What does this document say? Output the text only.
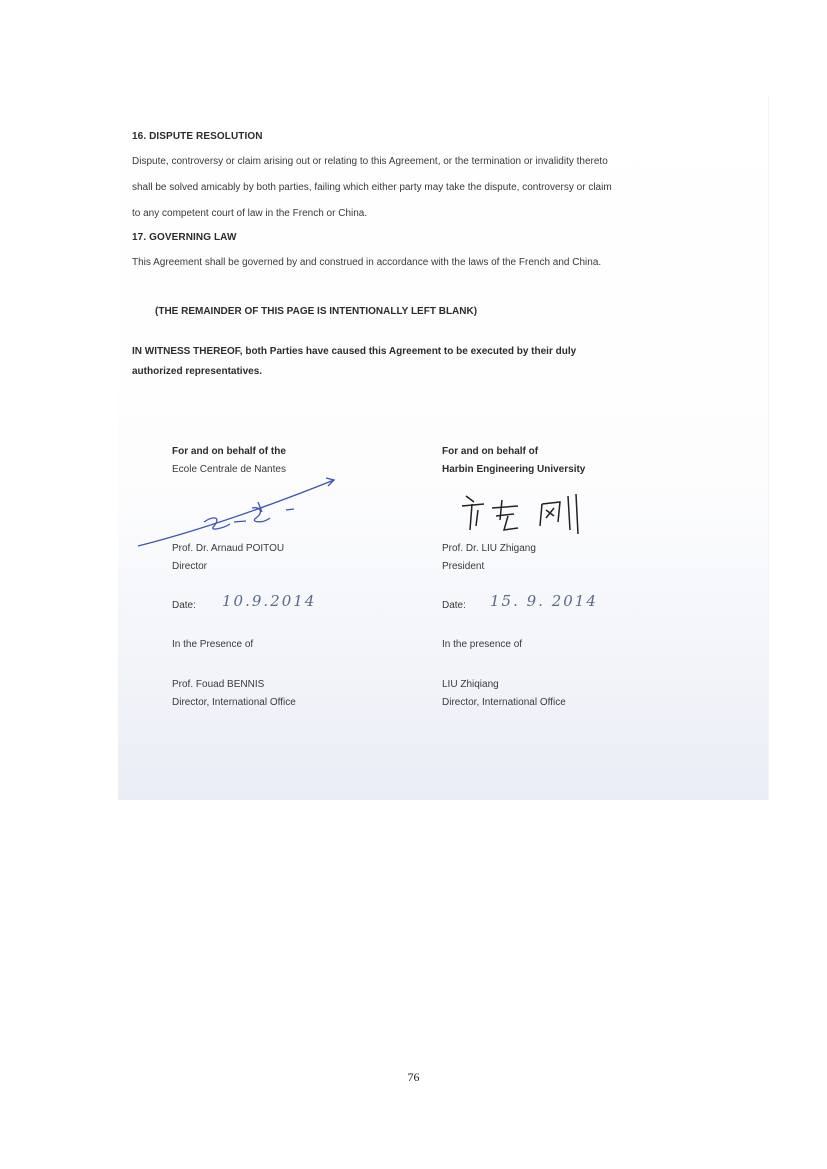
16. DISPUTE RESOLUTION
Dispute, controversy or claim arising out or relating to this Agreement, or the termination or invalidity thereto
shall be solved amicably by both parties, failing which either party may take the dispute, controversy or claim
to any competent court of law in the French or China.
17. GOVERNING LAW
This Agreement shall be governed by and construed in accordance with the laws of the French and China.
(THE REMAINDER OF THIS PAGE IS INTENTIONALLY LEFT BLANK)
IN WITNESS THEREOF, both Parties have caused this Agreement to be executed by their duly
authorized representatives.
For and on behalf of the
Ecole Centrale de Nantes
Prof. Dr. Arnaud POITOU
Director
Date: 10.9.2014
In the Presence of
Prof. Fouad BENNIS
Director, International Office
For and on behalf of
Harbin Engineering University
Prof. Dr. LIU Zhigang
President
Date: 15. 9. 2014
In the presence of
LIU Zhiqiang
Director, International Office
76
